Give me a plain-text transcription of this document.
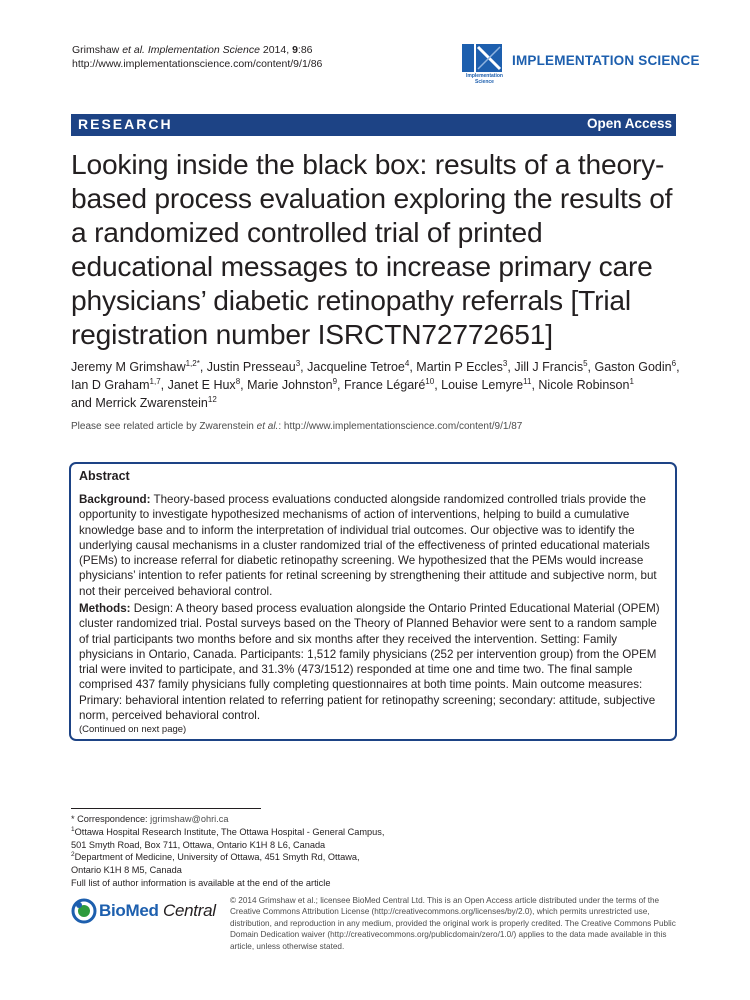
Grimshaw et al. Implementation Science 2014, 9:86
http://www.implementationscience.com/content/9/1/86	IMPLEMENTATION SCIENCE
Implementation
Science
RESEARCH	Open Access
Looking inside the black box: results of a theory-based process evaluation exploring the results of a randomized controlled trial of printed educational messages to increase primary care physicians’ diabetic retinopathy referrals [Trial registration number ISRCTN72772651]
Jeremy M Grimshaw$^{1,2*}$, Justin Presseau$^3$, Jacqueline Tetroe$^4$, Martin P Eccles$^3$, Jill J Francis$^5$, Gaston Godin$^6$, Ian D Graham$^{1,7}$, Janet E Hux$^8$, Marie Johnston$^9$, France Légaré$^{10}$, Louise Lemyre$^{11}$, Nicole Robinson$^1$
and Merrick Zwarenstein$^{12}$
Please see related article by Zwarenstein et al.: http://www.implementationscience.com/content/9/1/87
Abstract

Background: Theory-based process evaluations conducted alongside randomized controlled trials provide the opportunity to investigate hypothesized mechanisms of action of interventions, helping to build a cumulative knowledge base and to inform the interpretation of individual trial outcomes. Our objective was to identify the underlying causal mechanisms in a cluster randomized trial of the effectiveness of printed educational materials (PEMs) to increase referral for diabetic retinopathy screening. We hypothesized that the PEMs would increase physicians’ intention to refer patients for retinal screening by strengthening their attitude and subjective norm, but not their perceived behavioral control.

Methods: Design: A theory based process evaluation alongside the Ontario Printed Educational Material (OPEM) cluster randomized trial. Postal surveys based on the Theory of Planned Behavior were sent to a random sample of trial participants two months before and six months after they received the intervention. Setting: Family physicians in Ontario, Canada. Participants: 1,512 family physicians (252 per intervention group) from the OPEM trial were invited to participate, and 31.3% (473/1512) responded at time one and time two. The final sample comprised 437 family physicians fully completing questionnaires at both time points. Main outcome measures: Primary: behavioral intention related to referring patient for retinopathy screening; secondary: attitude, subjective norm, perceived behavioral control.

(Continued on next page)
* Correspondence: jgrimshaw@ohri.ca
$^1$Ottawa Hospital Research Institute, The Ottawa Hospital - General Campus,
501 Smyth Road, Box 711, Ottawa, Ontario K1H 8 L6, Canada
$^2$Department of Medicine, University of Ottawa, 451 Smyth Rd, Ottawa,
Ontario K1H 8 M5, Canada
Full list of author information is available at the end of the article
BioMed Central
© 2014 Grimshaw et al.; licensee BioMed Central Ltd. This is an Open Access article distributed under the terms of the Creative Commons Attribution License (http://creativecommons.org/licenses/by/2.0), which permits unrestricted use, distribution, and reproduction in any medium, provided the original work is properly credited. The Creative Commons Public Domain Dedication waiver (http://creativecommons.org/publicdomain/zero/1.0/) applies to the data made available in this article, unless otherwise stated.
